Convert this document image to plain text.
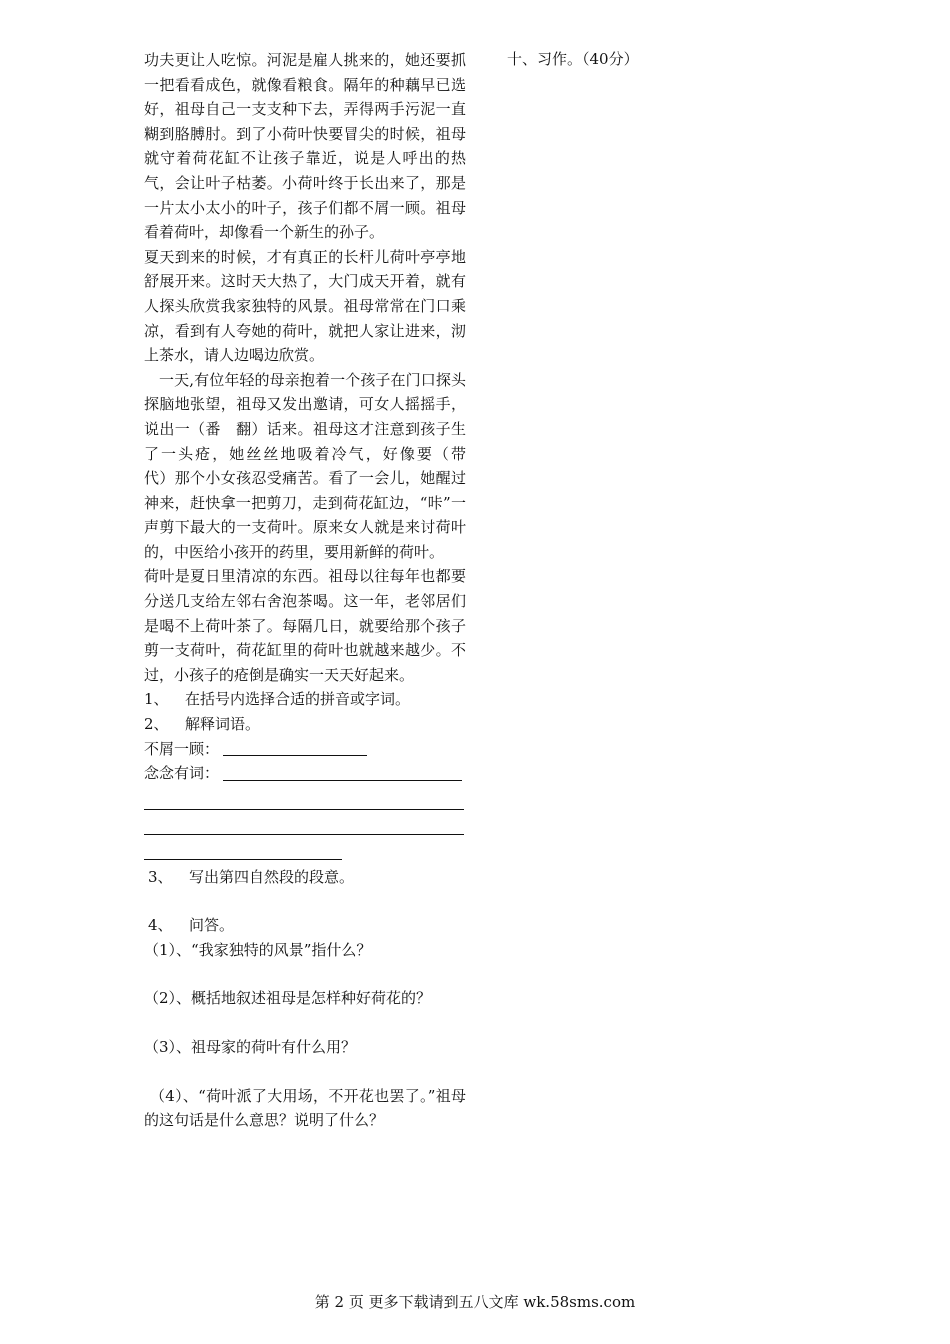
功夫更让人吃惊。河泥是雇人挑来的，她还要抓一把看看成色，就像看粮食。隔年的种藕早已选好，祖母自己一支支种下去，弄得两手污泥一直糊到胳膊肘。到了小荷叶快要冒尖的时候，祖母就守着荷花缸不让孩子靠近，说是人呼出的热气，会让叶子枯萎。小荷叶终于长出来了，那是一片太小太小的叶子，孩子们都不屑一顾。祖母看着荷叶，却像看一个新生的孙子。

夏天到来的时候，才有真正的长杆儿荷叶亭亭地舒展开来。这时天大热了，大门成天开着，就有人探头欣赏我家独特的风景。祖母常常在门口乘凉，看到有人夸她的荷叶，就把人家让进来，沏上茶水，请人边喝边欣赏。

一天,有位年轻的母亲抱着一个孩子在门口探头探脑地张望，祖母又发出邀请，可女人摇摇手，说出一（番　翻）话来。祖母这才注意到孩子生了一头疮，她丝丝地吸着冷气，好像要（带　代）那个小女孩忍受痛苦。看了一会儿，她醒过神来，赶快拿一把剪刀，走到荷花缸边，“咔”一声剪下最大的一支荷叶。原来女人就是来讨荷叶的，中医给小孩开的药里，要用新鲜的荷叶。

荷叶是夏日里清凉的东西。祖母以往每年也都要分送几支给左邻右舍泡茶喝。这一年，老邻居们是喝不上荷叶茶了。每隔几日，就要给那个孩子剪一支荷叶，荷花缸里的荷叶也就越来越少。不过，小孩子的疮倒是确实一天天好起来。

1、 在括号内选择合适的拼音或字词。
2、 解释词语。
不屑一顾：
念念有词：
3、 写出第四自然段的段意。
4、 问答。
（1）、“我家独特的风景”指什么？
（2）、概括地叙述祖母是怎样种好荷花的？
（3）、祖母家的荷叶有什么用？

（4）、“荷叶派了大用场，不开花也罢了。”祖母的这句话是什么意思？说明了什么？

十、习作。（40分）
第 2 页 更多下载请到五八文库 wk.58sms.com
